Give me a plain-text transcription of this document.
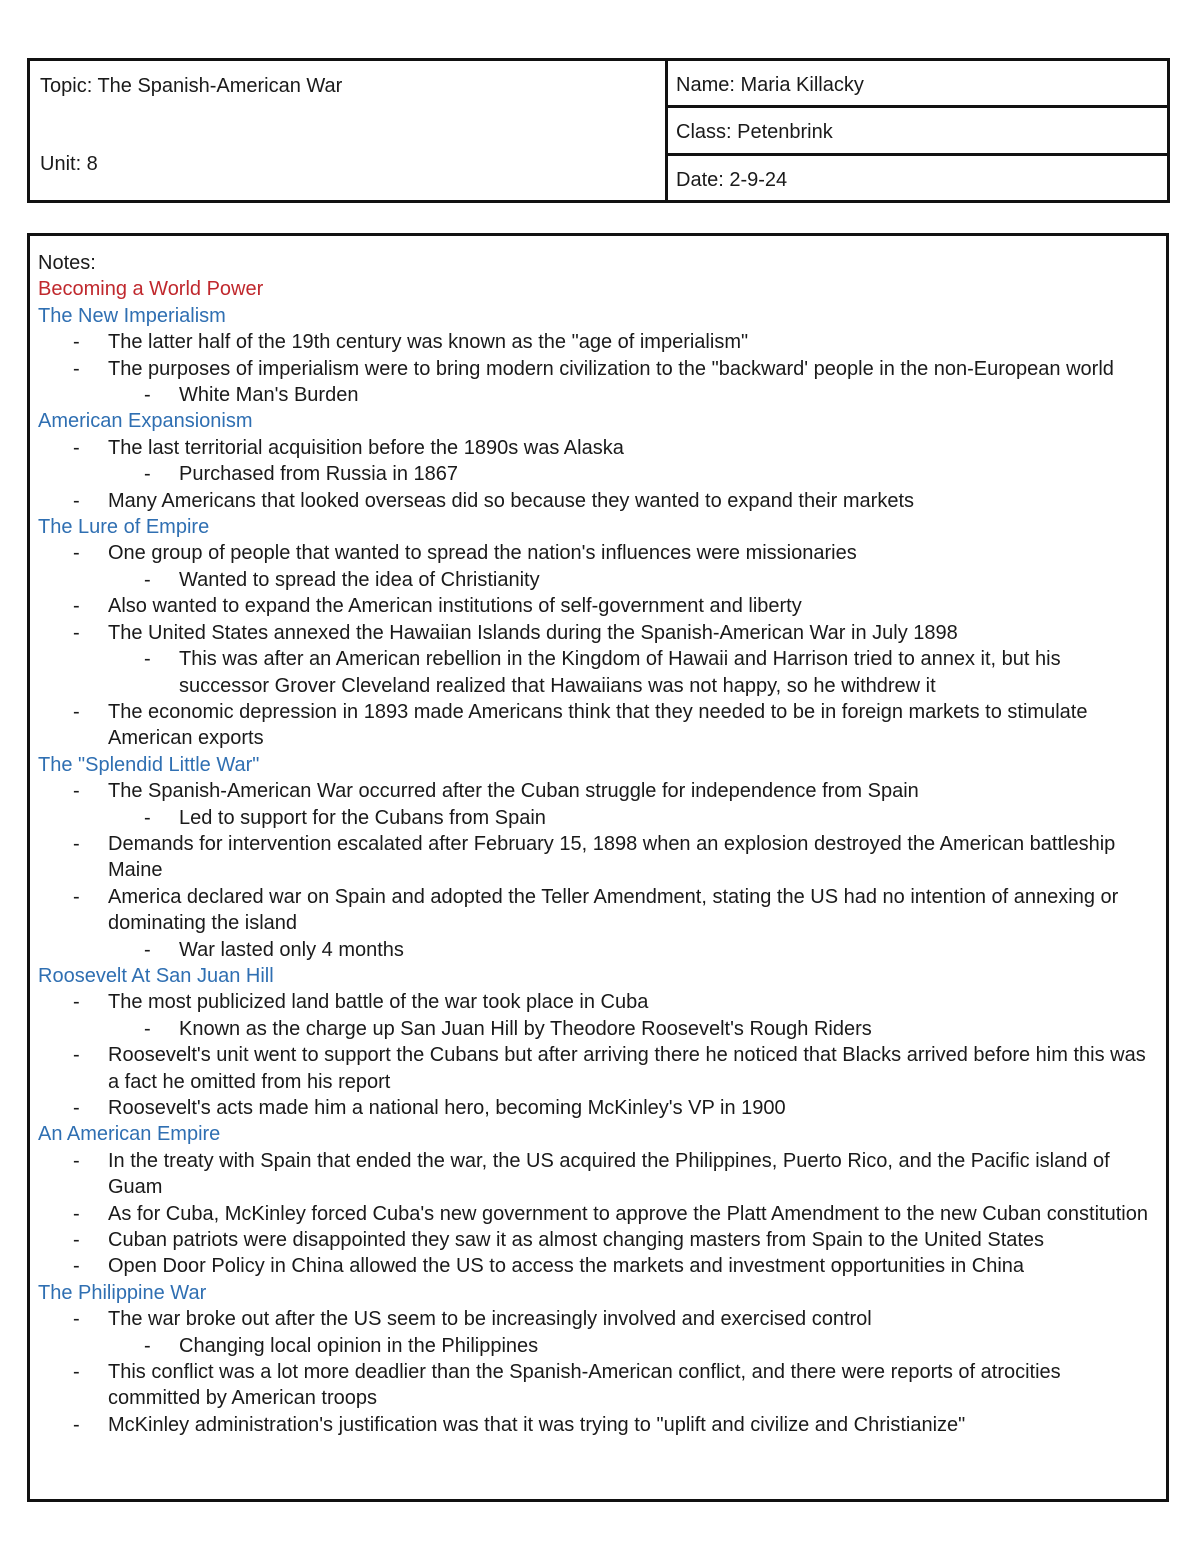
Topic: The Spanish-American War
Unit: 8
Name: Maria Killacky
Class: Petenbrink
Date: 2-9-24
Notes:
Becoming a World Power
The New Imperialism
-	The latter half of the 19th century was known as the "age of imperialism"
-	The purposes of imperialism were to bring modern civilization to the "backward' people in the non-European world
-	White Man's Burden
American Expansionism
-	The last territorial acquisition before the 1890s was Alaska
-	Purchased from Russia in 1867
-	Many Americans that looked overseas did so because they wanted to expand their markets
The Lure of Empire
-	One group of people that wanted to spread the nation's influences were missionaries
-	Wanted to spread the idea of Christianity
-	Also wanted to expand the American institutions of self-government and liberty
-	The United States annexed the Hawaiian Islands during the Spanish-American War in July 1898
-	This was after an American rebellion in the Kingdom of Hawaii and Harrison tried to annex it, but his successor Grover Cleveland realized that Hawaiians was not happy, so he withdrew it
-	The economic depression in 1893 made Americans think that they needed to be in foreign markets to stimulate American exports
The "Splendid Little War"
-	The Spanish-American War occurred after the Cuban struggle for independence from Spain
-	Led to support for the Cubans from Spain
-	Demands for intervention escalated after February 15, 1898 when an explosion destroyed the American battleship Maine
-	America declared war on Spain and adopted the Teller Amendment, stating the US had no intention of annexing or dominating the island
-	War lasted only 4 months
Roosevelt At San Juan Hill
-	The most publicized land battle of the war took place in Cuba
-	Known as the charge up San Juan Hill by Theodore Roosevelt's Rough Riders
-	Roosevelt's unit went to support the Cubans but after arriving there he noticed that Blacks arrived before him this was a fact he omitted from his report
-	Roosevelt's acts made him a national hero, becoming McKinley's VP in 1900
An American Empire
-	In the treaty with Spain that ended the war, the US acquired the Philippines, Puerto Rico, and the Pacific island of Guam
-	As for Cuba, McKinley forced Cuba's new government to approve the Platt Amendment to the new Cuban constitution
-	Cuban patriots were disappointed they saw it as almost changing masters from Spain to the United States
-	Open Door Policy in China allowed the US to access the markets and investment opportunities in China
The Philippine War
-	The war broke out after the US seem to be increasingly involved and exercised control
-	Changing local opinion in the Philippines
-	This conflict was a lot more deadlier than the Spanish-American conflict, and there were reports of atrocities committed by American troops
-	McKinley administration's justification was that it was trying to "uplift and civilize and Christianize"
